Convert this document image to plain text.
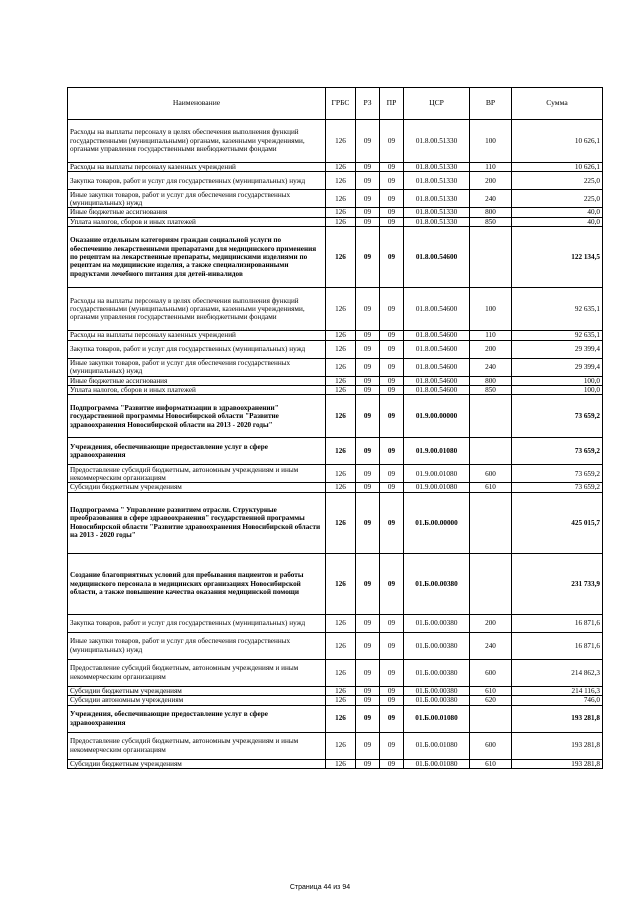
Наименование	ГРБС	РЗ	ПР	ЦСР	ВР	Сумма
Расходы на выплаты персоналу в целях обеспечения выполнения функций государственными (муниципальными) органами, казенными учреждениями, органами управления государственными внебюджетными фондами	126	09	09	01.8.00.51330	100	10 626,1
Расходы на выплаты персоналу казенных учреждений	126	09	09	01.8.00.51330	110	10 626,1
Закупка товаров, работ и услуг для государственных (муниципальных) нужд	126	09	09	01.8.00.51330	200	225,0
Иные закупки товаров, работ и услуг для обеспечения государственных (муниципальных) нужд	126	09	09	01.8.00.51330	240	225,0
Иные бюджетные ассигнования	126	09	09	01.8.00.51330	800	40,0
Уплата налогов, сборов и иных платежей	126	09	09	01.8.00.51330	850	40,0
Оказание отдельным категориям граждан социальной услуги по обеспечению лекарственными препаратами для медицинского применения по рецептам на лекарственные препараты, медицинскими изделиями по рецептам на медицинские изделия, а также специализированными продуктами лечебного питания для детей-инвалидов	126	09	09	01.8.00.54600		122 134,5
Расходы на выплаты персоналу в целях обеспечения выполнения функций государственными (муниципальными) органами, казенными учреждениями, органами управления государственными внебюджетными фондами	126	09	09	01.8.00.54600	100	92 635,1
Расходы на выплаты персоналу казенных учреждений	126	09	09	01.8.00.54600	110	92 635,1
Закупка товаров, работ и услуг для государственных (муниципальных) нужд	126	09	09	01.8.00.54600	200	29 399,4
Иные закупки товаров, работ и услуг для обеспечения государственных (муниципальных) нужд	126	09	09	01.8.00.54600	240	29 399,4
Иные бюджетные ассигнования	126	09	09	01.8.00.54600	800	100,0
Уплата налогов, сборов и иных платежей	126	09	09	01.8.00.54600	850	100,0
Подпрограмма "Развитие информатизации в здравоохранении" государственной программы Новосибирской области "Развитие здравоохранения Новосибирской области на 2013 - 2020 годы"	126	09	09	01.9.00.00000		73 659,2
Учреждения, обеспечивающие предоставление услуг в сфере здравоохранения	126	09	09	01.9.00.01080		73 659,2
Предоставление субсидий бюджетным, автономным учреждениям и иным некоммерческим организациям	126	09	09	01.9.00.01080	600	73 659,2
Субсидии бюджетным учреждениям	126	09	09	01.9.00.01080	610	73 659,2
Подпрограмма " Управление развитием отрасли. Структурные преобразования в сфере здравоохранения" государственной программы Новосибирской области "Развитие здравоохранения Новосибирской области на 2013 - 2020 годы"	126	09	09	01.Б.00.00000		425 015,7
Создание благоприятных условий для пребывания пациентов и работы медицинского персонала в медицинских организациях Новосибирской области, а также повышение качества оказания медицинской помощи	126	09	09	01.Б.00.00380		231 733,9
Закупка товаров, работ и услуг для государственных (муниципальных) нужд	126	09	09	01.Б.00.00380	200	16 871,6
Иные закупки товаров, работ и услуг для обеспечения государственных (муниципальных) нужд	126	09	09	01.Б.00.00380	240	16 871,6
Предоставление субсидий бюджетным, автономным учреждениям и иным некоммерческим организациям	126	09	09	01.Б.00.00380	600	214 862,3
Субсидии бюджетным учреждениям	126	09	09	01.Б.00.00380	610	214 116,3
Субсидии автономным учреждениям	126	09	09	01.Б.00.00380	620	746,0
Учреждения, обеспечивающие предоставление услуг в сфере здравоохранения	126	09	09	01.Б.00.01080		193 281,8
Предоставление субсидий бюджетным, автономным учреждениям и иным некоммерческим организациям	126	09	09	01.Б.00.01080	600	193 281,8
Субсидии бюджетным учреждениям	126	09	09	01.Б.00.01080	610	193 281,8
Страница 44 из 94
